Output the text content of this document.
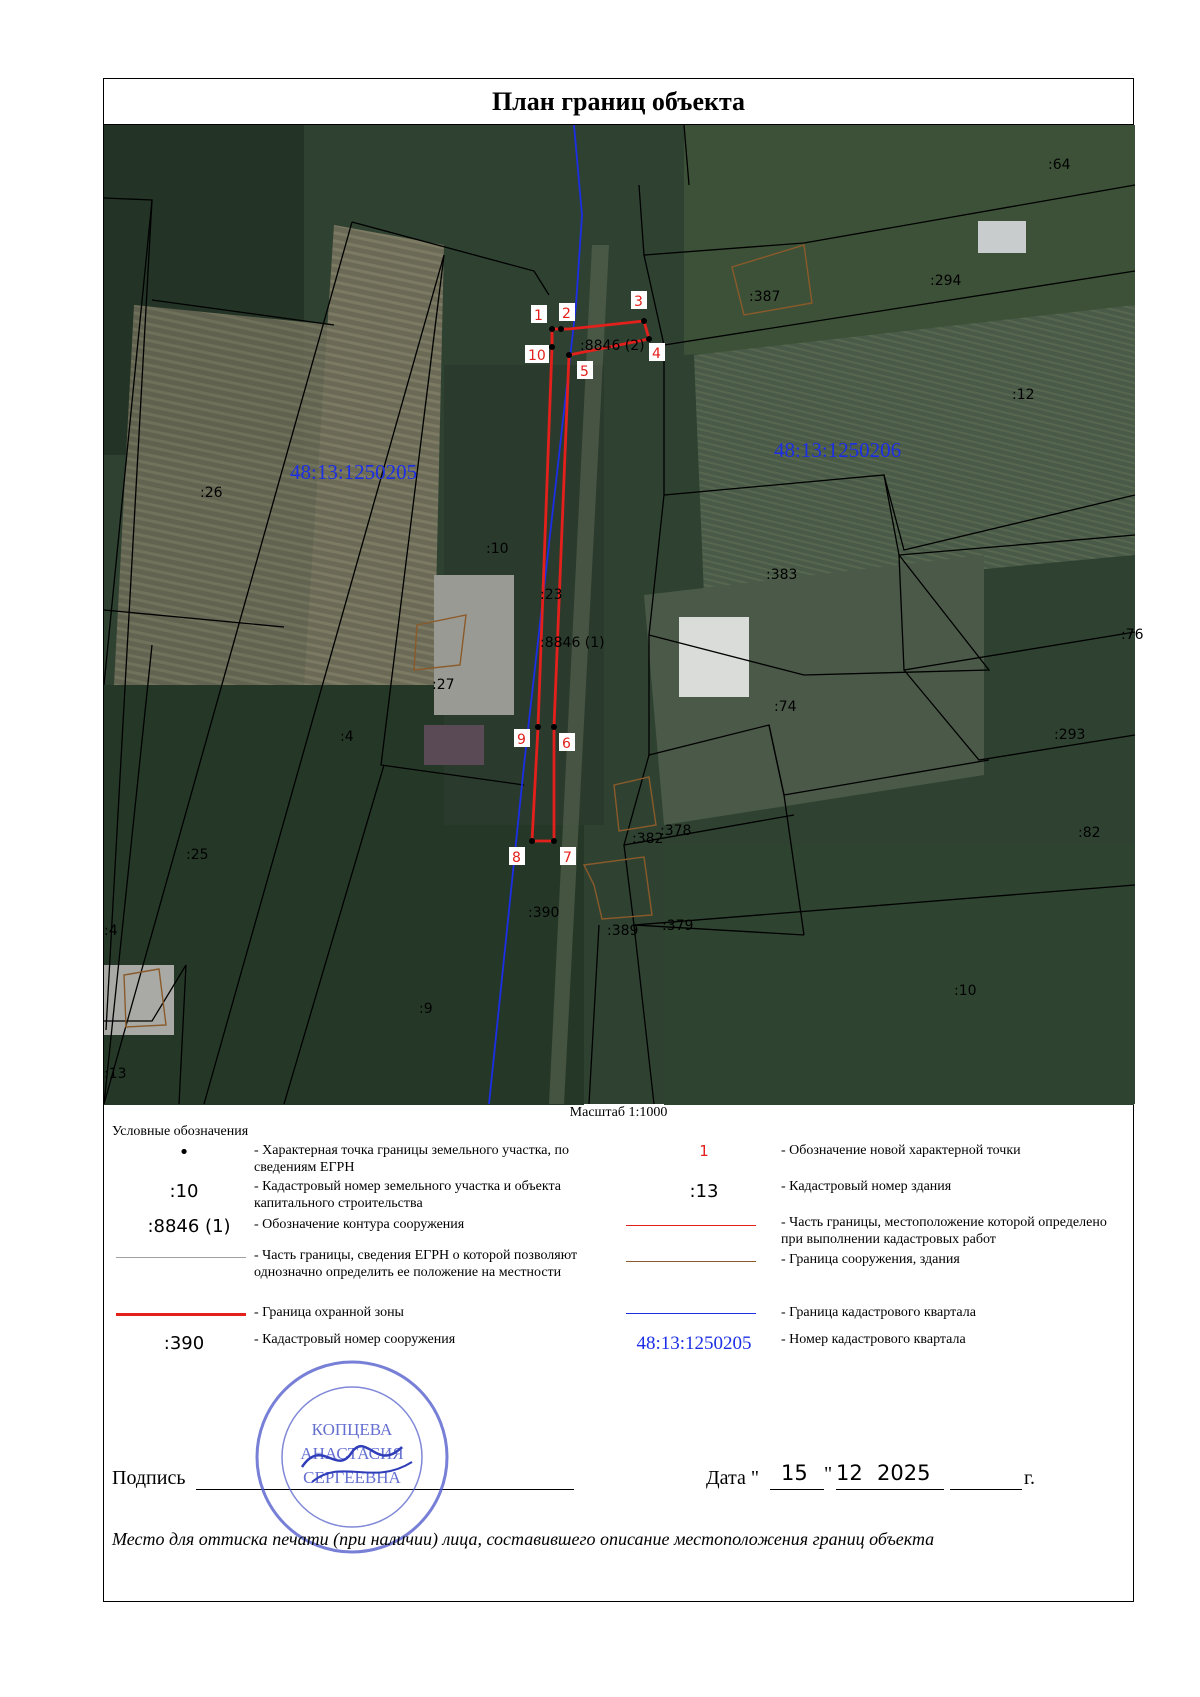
План границ объекта
1 2
3
4
5
6
7
8
9
10
48:13:1250205
48:13:1250206
:64
:294
:387
:12
:26
:10
:383
:23
:8846 (1)
:8846 (2)
:27
:74
:76
:293
:4
:382
:378	:82
:25
:390
:389 :379
:10
:9
:13
:4
Масштаб 1:1000
Условные обозначения
•	- Характерная точка границы земельного участка, по сведениям ЕГРН
:10	- Кадастровый номер земельного участка и объекта капитального строительства
:8846 (1)	- Обозначение контура сооружения
- Часть границы, сведения ЕГРН о которой позволяют однозначно определить ее положение на местности
- Граница охранной зоны
:390	- Кадастровый номер сооружения
1	- Обозначение новой характерной точки
:13	- Кадастровый номер здания
- Часть границы, местоположение которой определено при выполнении кадастровых работ
- Граница сооружения, здания
- Граница кадастрового квартала
48:13:1250205	- Номер кадастрового квартала
Подпись	Дата " 15 " 12 2025	г.
КОПЦЕВА
АНАСТАСИЯ
СЕРГЕЕВНА
Место для оттиска печати (при наличии) лица, составившего описание местоположения границ объекта
